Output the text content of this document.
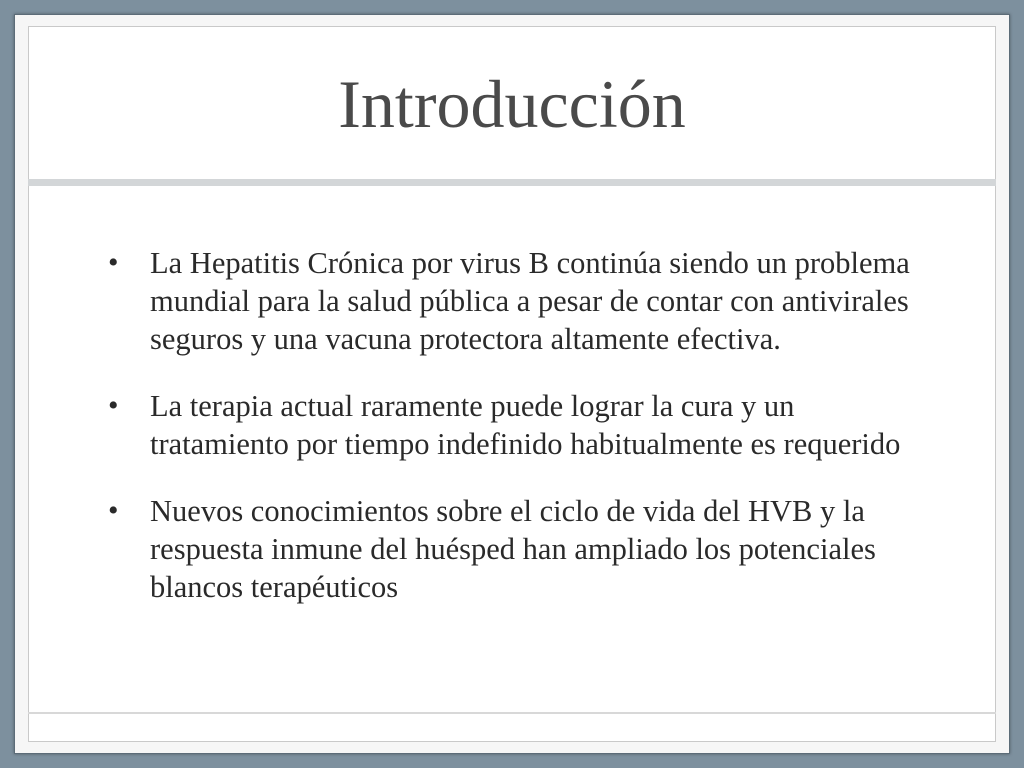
Introducción
•	La Hepatitis Crónica por virus B continúa siendo un problema mundial para la salud pública a pesar de contar con antivirales seguros y una vacuna protectora altamente efectiva.
•	La terapia actual raramente puede lograr la cura y un tratamiento por tiempo indefinido habitualmente es requerido
•	Nuevos conocimientos sobre el ciclo de vida del HVB y la respuesta inmune del huésped han ampliado los potenciales blancos terapéuticos
